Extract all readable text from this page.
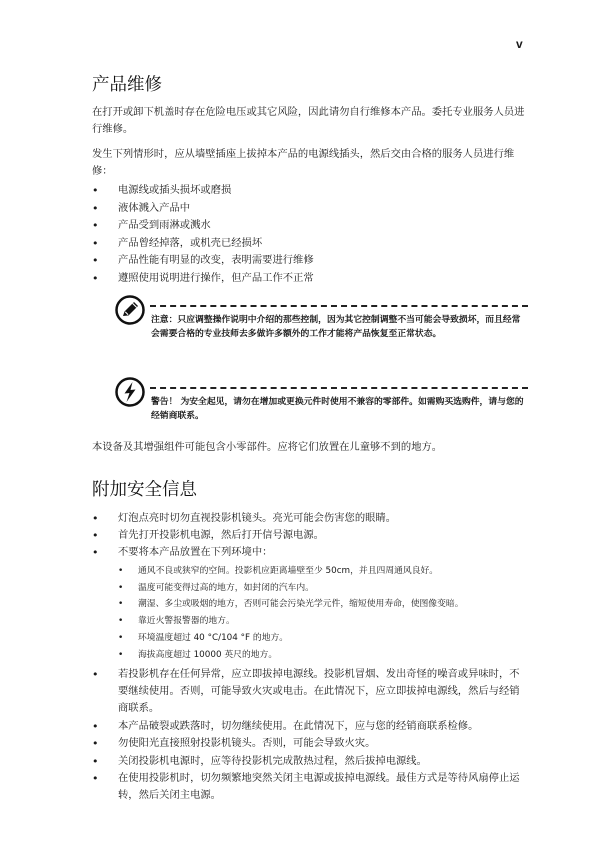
v
产品维修

在打开或卸下机盖时存在危险电压或其它风险，因此请勿自行维修本产品。委托专业服务人员进行维修。

发生下列情形时，应从墙壁插座上拔掉本产品的电源线插头，然后交由合格的服务人员进行维修：

• 电源线或插头损坏或磨损
• 液体溅入产品中
• 产品受到雨淋或溅水
• 产品曾经掉落，或机壳已经损坏
• 产品性能有明显的改变，表明需要进行维修
• 遵照使用说明进行操作，但产品工作不正常
注意：只应调整操作说明中介绍的那些控制，因为其它控制调整不当可能会导致损坏，而且经常会需要合格的专业技师去多做许多额外的工作才能将产品恢复至正常状态。
警告！ 为安全起见，请勿在增加或更换元件时使用不兼容的零部件。如需购买选购件，请与您的经销商联系。

本设备及其增强组件可能包含小零部件。应将它们放置在儿童够不到的地方。

附加安全信息
• 灯泡点亮时切勿直视投影机镜头。亮光可能会伤害您的眼睛。
• 首先打开投影机电源，然后打开信号源电源。
• 不要将本产品放置在下列环境中：
• 通风不良或狭窄的空间。投影机应距离墙壁至少 50cm，并且四周通风良好。
• 温度可能变得过高的地方，如封闭的汽车内。
• 潮湿、多尘或吸烟的地方，否则可能会污染光学元件，缩短使用寿命，使图像变暗。
• 靠近火警报警器的地方。
• 环境温度超过 40 °C/104 °F 的地方。
• 海拔高度超过 10000 英尺的地方。
• 若投影机存在任何异常，应立即拔掉电源线。投影机冒烟、发出奇怪的噪音或异味时，不要继续使用。否则，可能导致火灾或电击。在此情况下，应立即拔掉电源线，然后与经销商联系。
• 本产品破裂或跌落时，切勿继续使用。在此情况下，应与您的经销商联系检修。
• 勿使阳光直接照射投影机镜头。否则，可能会导致火灾。
• 关闭投影机电源时，应等待投影机完成散热过程，然后拔掉电源线。
• 在使用投影机时，切勿频繁地突然关闭主电源或拔掉电源线。最佳方式是等待风扇停止运转，然后关闭主电源。
